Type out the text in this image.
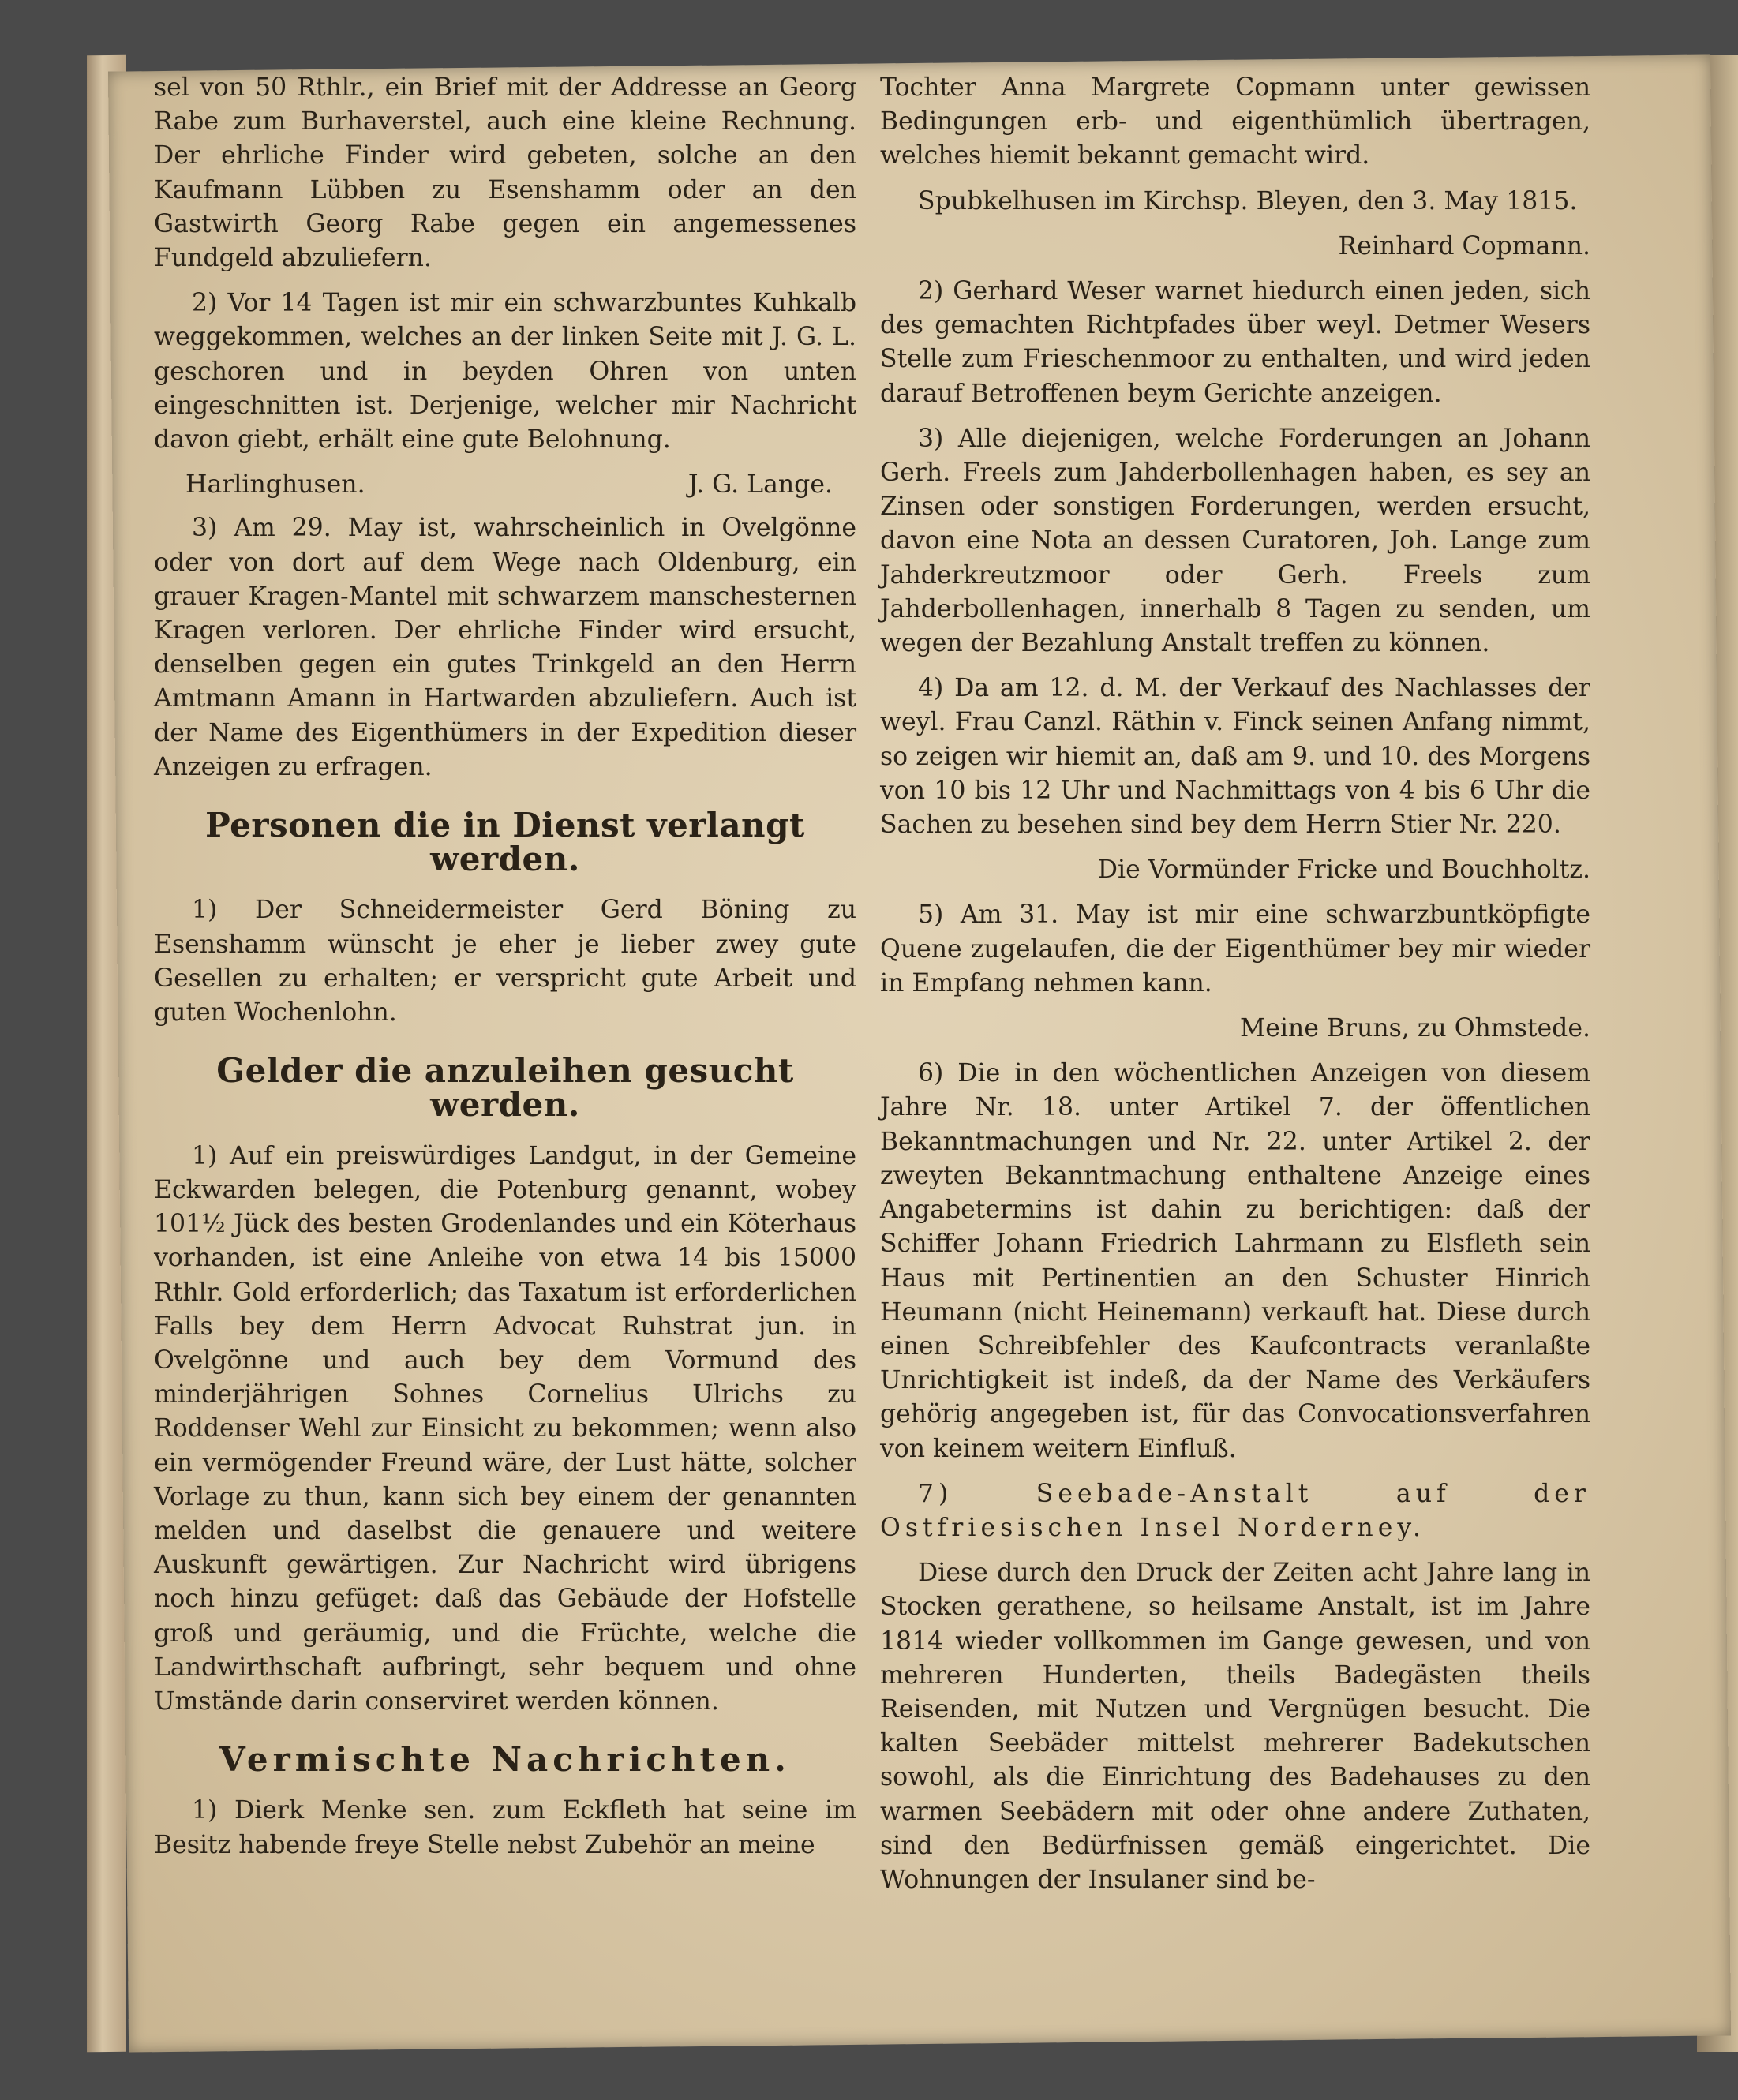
sel von 50 Rthlr., ein Brief mit der Addresse an Georg Rabe zum Burhaverstel, auch eine kleine Rechnung. Der ehrliche Finder wird gebeten, solche an den Kaufmann Lübben zu Esenshamm oder an den Gastwirth Georg Rabe gegen ein angemessenes Fundgeld abzuliefern.

2) Vor 14 Tagen ist mir ein schwarzbuntes Kuhkalb weggekommen, welches an der linken Seite mit J. G. L. geschoren und in beyden Ohren von unten eingeschnitten ist. Derjenige, welcher mir Nachricht davon giebt, erhält eine gute Belohnung.

Harlinghusen.	J. G. Lange.

3) Am 29. May ist, wahrscheinlich in Ovelgönne oder von dort auf dem Wege nach Oldenburg, ein grauer Kragen-Mantel mit schwarzem manschesternen Kragen verloren. Der ehrliche Finder wird ersucht, denselben gegen ein gutes Trinkgeld an den Herrn Amtmann Amann in Hartwarden abzuliefern. Auch ist der Name des Eigenthümers in der Expedition dieser Anzeigen zu erfragen.

Personen die in Dienst verlangt werden.

1) Der Schneidermeister Gerd Böning zu Esenshamm wünscht je eher je lieber zwey gute Gesellen zu erhalten; er verspricht gute Arbeit und guten Wochenlohn.

Gelder die anzuleihen gesucht werden.

1) Auf ein preiswürdiges Landgut, in der Gemeine Eckwarden belegen, die Potenburg genannt, wobey 101½ Jück des besten Grodenlandes und ein Köterhaus vorhanden, ist eine Anleihe von etwa 14 bis 15000 Rthlr. Gold erforderlich; das Taxatum ist erforderlichen Falls bey dem Herrn Advocat Ruhstrat jun. in Ovelgönne und auch bey dem Vormund des minderjährigen Sohnes Cornelius Ulrichs zu Roddenser Wehl zur Einsicht zu bekommen; wenn also ein vermögender Freund wäre, der Lust hätte, solcher Vorlage zu thun, kann sich bey einem der genannten melden und daselbst die genauere und weitere Auskunft gewärtigen. Zur Nachricht wird übrigens noch hinzu gefüget: daß das Gebäude der Hofstelle groß und geräumig, und die Früchte, welche die Landwirthschaft aufbringt, sehr bequem und ohne Umstände darin conserviret werden können.

Vermischte Nachrichten.

1) Dierk Menke sen. zum Eckfleth hat seine im Besitz habende freye Stelle nebst Zubehör an meine

Tochter Anna Margrete Copmann unter gewissen Bedingungen erb- und eigenthümlich übertragen, welches hiemit bekannt gemacht wird.

Spubkelhusen im Kirchsp. Bleyen, den 3. May 1815.

Reinhard Copmann.

2) Gerhard Weser warnet hiedurch einen jeden, sich des gemachten Richtpfades über weyl. Detmer Wesers Stelle zum Frieschenmoor zu enthalten, und wird jeden darauf Betroffenen beym Gerichte anzeigen.

3) Alle diejenigen, welche Forderungen an Johann Gerh. Freels zum Jahderbollenhagen haben, es sey an Zinsen oder sonstigen Forderungen, werden ersucht, davon eine Nota an dessen Curatoren, Joh. Lange zum Jahderkreutzmoor oder Gerh. Freels zum Jahderbollenhagen, innerhalb 8 Tagen zu senden, um wegen der Bezahlung Anstalt treffen zu können.

4) Da am 12. d. M. der Verkauf des Nachlasses der weyl. Frau Canzl. Räthin v. Finck seinen Anfang nimmt, so zeigen wir hiemit an, daß am 9. und 10. des Morgens von 10 bis 12 Uhr und Nachmittags von 4 bis 6 Uhr die Sachen zu besehen sind bey dem Herrn Stier Nr. 220.

Die Vormünder Fricke und Bouchholtz.

5) Am 31. May ist mir eine schwarzbuntköpfigte Quene zugelaufen, die der Eigenthümer bey mir wieder in Empfang nehmen kann.

Meine Bruns, zu Ohmstede.

6) Die in den wöchentlichen Anzeigen von diesem Jahre Nr. 18. unter Artikel 7. der öffentlichen Bekanntmachungen und Nr. 22. unter Artikel 2. der zweyten Bekanntmachung enthaltene Anzeige eines Angabetermins ist dahin zu berichtigen: daß der Schiffer Johann Friedrich Lahrmann zu Elsfleth sein Haus mit Pertinentien an den Schuster Hinrich Heumann (nicht Heinemann) verkauft hat. Diese durch einen Schreibfehler des Kaufcontracts veranlaßte Unrichtigkeit ist indeß, da der Name des Verkäufers gehörig angegeben ist, für das Convocationsverfahren von keinem weitern Einfluß.

7) Seebade-Anstalt auf der Ostfriesischen Insel Norderney.

Diese durch den Druck der Zeiten acht Jahre lang in Stocken gerathene, so heilsame Anstalt, ist im Jahre 1814 wieder vollkommen im Gange gewesen, und von mehreren Hunderten, theils Badegästen theils Reisenden, mit Nutzen und Vergnügen besucht. Die kalten Seebäder mittelst mehrerer Badekutschen sowohl, als die Einrichtung des Badehauses zu den warmen Seebädern mit oder ohne andere Zuthaten, sind den Bedürfnissen gemäß eingerichtet. Die Wohnungen der Insulaner sind be-
